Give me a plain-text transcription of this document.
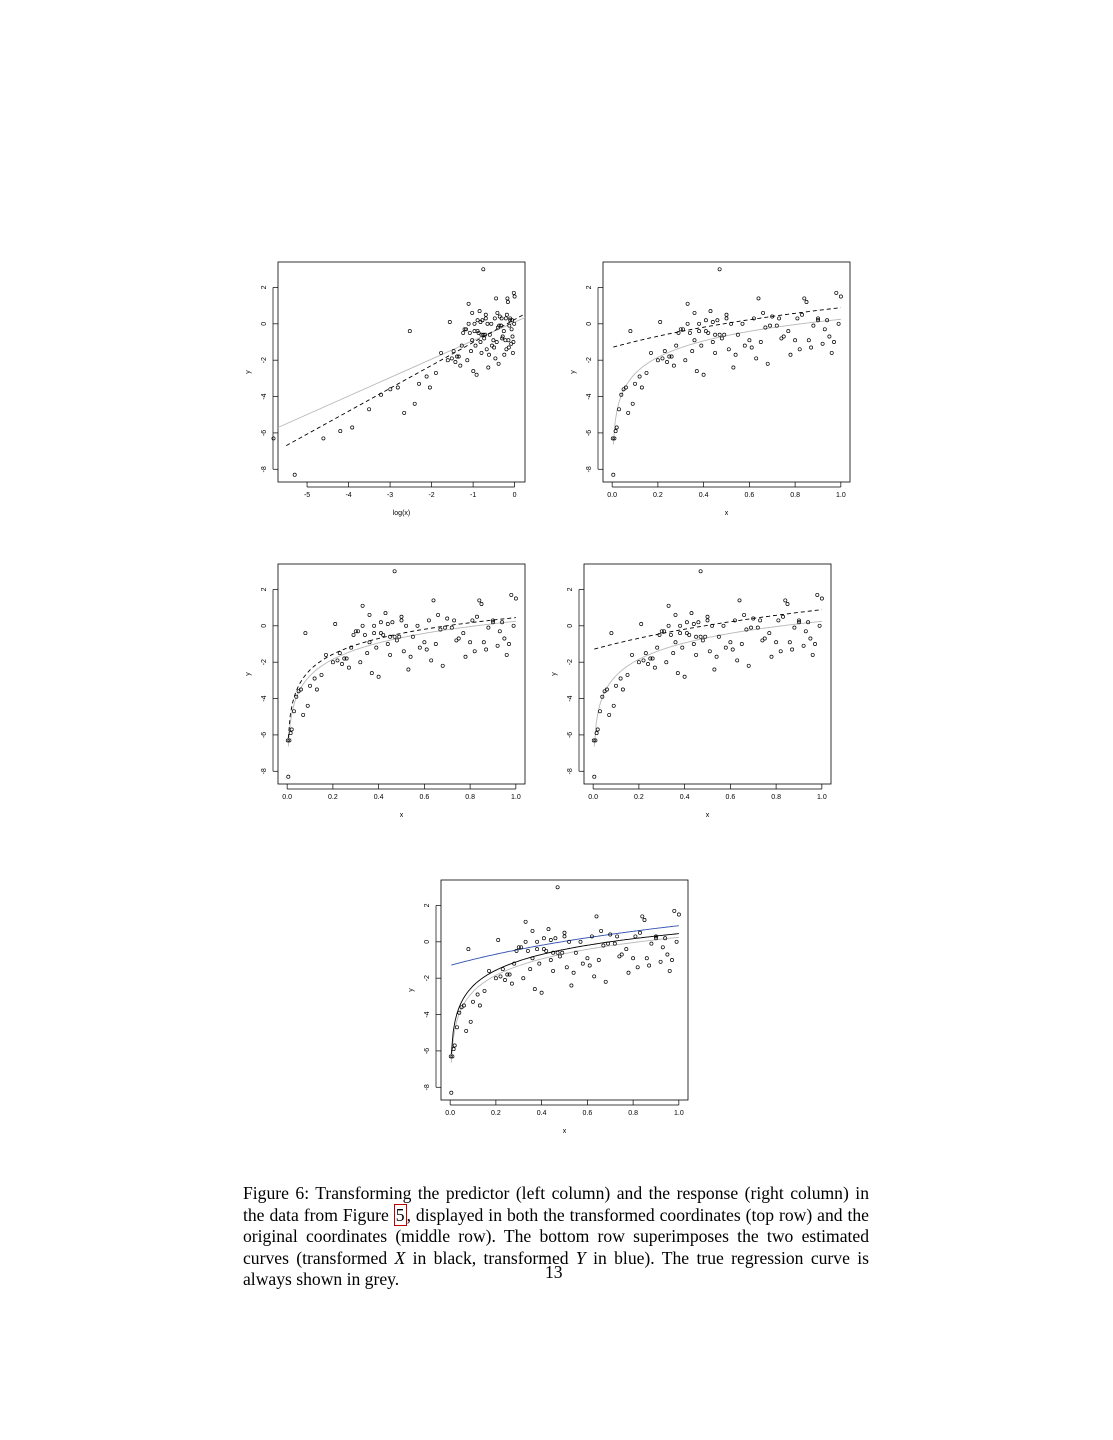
-5	-4	-3	-2	-1	0
log(x)
2
0
-2
-4
-6
-8
y
0.0	0.2	0.4	0.6	0.8	1.0
x
2
0
-2
-4
-6
-8
y
0.0	0.2	0.4	0.6	0.8	1.0
x
2
0
-2
-4
-6
-8
y
0.0	0.2	0.4	0.6	0.8	1.0
x
2
0
-2
-4
-6
-8
y
0.0	0.2	0.4	0.6	0.8	1.0
x
2
0
-2
-4
-6
-8
y
Figure 6: Transforming the predictor (left column) and the response (right column) in the data from Figure 5 , displayed in both the transformed coordinates (top row) and the original coordinates (middle row). The bottom row superimposes the two estimated curves (transformed X in black, transformed Y in blue). The true regression curve is always shown in grey.	13
